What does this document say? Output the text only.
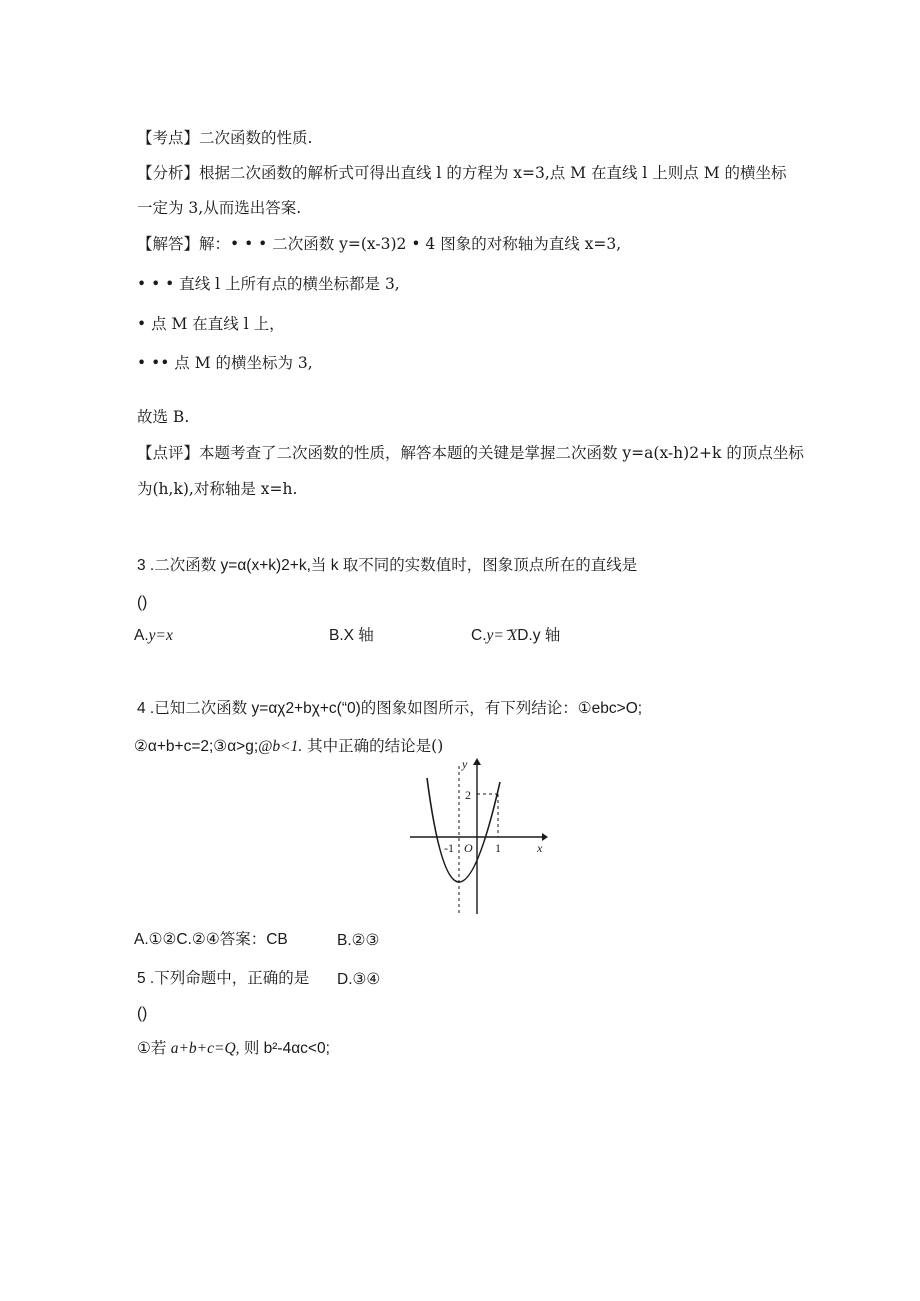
【考点】二次函数的性质.
【分析】根据二次函数的解析式可得出直线 l 的方程为 x=3,点 M 在直线 l 上则点 M 的横坐标
一定为 3,从而选出答案.
【解答】解：• • • 二次函数 y=(x-3)2 • 4 图象的对称轴为直线 x=3,
• • • 直线 l 上所有点的横坐标都是 3,
• 点 M 在直线 l 上，
• •• 点 M 的横坐标为 3,
故选 B.
【点评】本题考查了二次函数的性质，解答本题的关键是掌握二次函数 y=a(x-h)2+k 的顶点坐标
为(h,k),对称轴是 x=h.
3 .二次函数 y=α(x+k)2+k,当 k 取不同的实数值时，图象顶点所在的直线是
()
A.y=x	B.X 轴	C.y= ̄XD.y 轴
4 .已知二次函数 y=αχ2+bχ+c(“0)的图象如图所示，有下列结论：①ebc>O;
②α+b+c=2;③α>g;@b<1. 其中正确的结论是()
y
x
2
-1 O 1
A.①②C.②④答案：CB	B.②③
5 .下列命题中，正确的是 D.③④
()
①若 a+b+c=Q, 则 b²-4αc<0;
